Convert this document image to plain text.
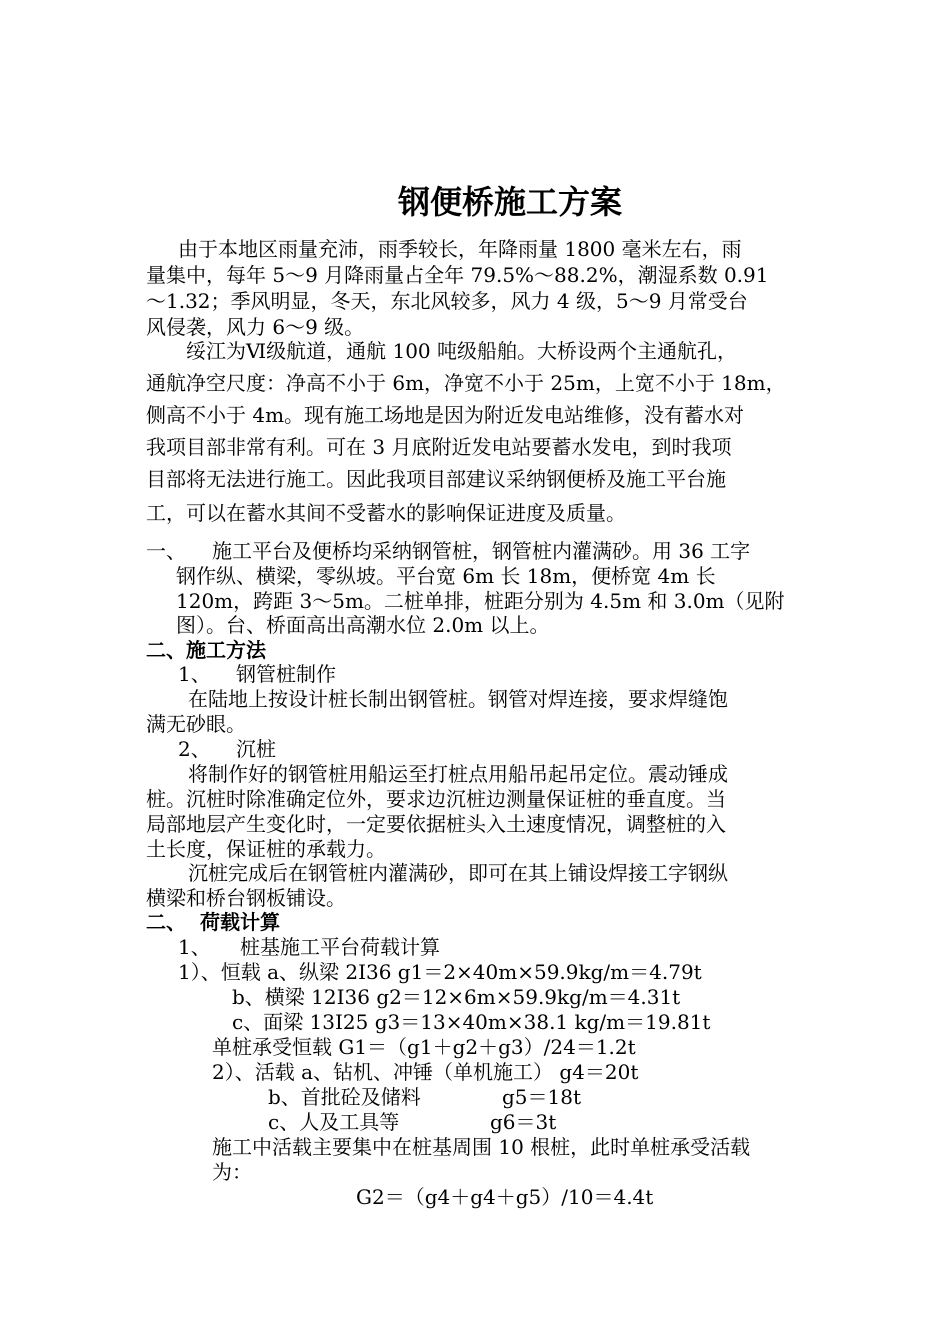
钢便桥施工方案
由于本地区雨量充沛，雨季较长，年降雨量 1800 毫米左右，雨
量集中，每年 5～9 月降雨量占全年 79.5%～88.2%，潮湿系数 0.91
～1.32；季风明显，冬天，东北风较多，风力 4 级，5～9 月常受台
风侵袭，风力 6～9 级。
绥江为Ⅵ级航道，通航 100 吨级船舶。大桥设两个主通航孔，
通航净空尺度：净高不小于 6m，净宽不小于 25m，上宽不小于 18m，
侧高不小于 4m。现有施工场地是因为附近发电站维修，没有蓄水对
我项目部非常有利。可在 3 月底附近发电站要蓄水发电，到时我项
目部将无法进行施工。因此我项目部建议采纳钢便桥及施工平台施
工，可以在蓄水其间不受蓄水的影响保证进度及质量。
一、 施工平台及便桥均采纳钢管桩，钢管桩内灌满砂。用 36 工字
钢作纵、横梁，零纵坡。平台宽 6m 长 18m，便桥宽 4m 长
120m，跨距 3～5m。二桩单排，桩距分别为 4.5m 和 3.0m（见附
图）。台、桥面高出高潮水位 2.0m 以上。
二、施工方法
1、 钢管桩制作
在陆地上按设计桩长制出钢管桩。钢管对焊连接，要求焊缝饱
满无砂眼。
2、 沉桩
将制作好的钢管桩用船运至打桩点用船吊起吊定位。震动锤成
桩。沉桩时除准确定位外，要求边沉桩边测量保证桩的垂直度。当
局部地层产生变化时，一定要依据桩头入土速度情况，调整桩的入
土长度，保证桩的承载力。
沉桩完成后在钢管桩内灌满砂，即可在其上铺设焊接工字钢纵
横梁和桥台钢板铺设。
二、 荷载计算
1、 桩基施工平台荷载计算
1）、恒载 a、纵梁 2Ⅰ36 g1＝2×40m×59.9kg/m＝4.79t
b、横梁 12Ⅰ36 g2＝12×6m×59.9kg/m＝4.31t
c、面梁 13Ⅰ25 g3＝13×40m×38.1 kg/m＝19.81t
单桩承受恒载 G1＝（g1＋g2＋g3）/24＝1.2t
2）、活载 a、钻机、冲锤（单机施工） g4＝20t
b、首批砼及储料	g5＝18t
c、人及工具等	g6＝3t
施工中活载主要集中在桩基周围 10 根桩，此时单桩承受活载
为：
G2＝（g4＋g4＋g5）/10＝4.4t
